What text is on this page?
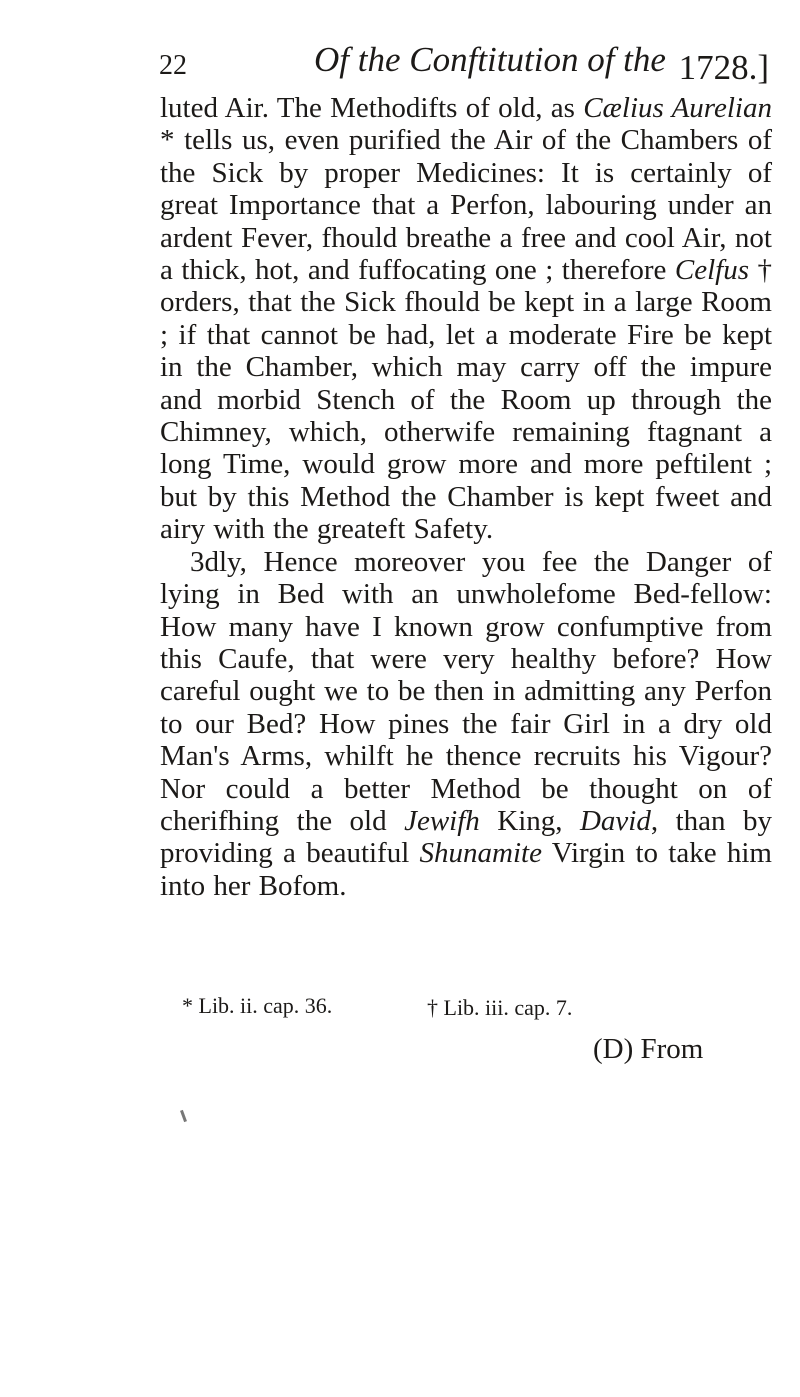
22	Of the Conftitution of the 1728.]

luted Air. The Methodifts of old, as Cælius Aurelian * tells us, even purified the Air of the Chambers of the Sick by proper Medicines: It is certainly of great Importance that a Perfon, labouring under an ardent Fever, fhould breathe a free and cool Air, not a thick, hot, and fuffocating one ; therefore Celfus † orders, that the Sick fhould be kept in a large Room ; if that cannot be had, let a moderate Fire be kept in the Chamber, which may carry off the impure and morbid Stench of the Room up through the Chimney, which, otherwife remaining ftagnant a long Time, would grow more and more peftilent ; but by this Method the Chamber is kept fweet and airy with the greateft Safety.

3dly, Hence moreover you fee the Danger of lying in Bed with an unwholefome Bed-fellow: How many have I known grow confumptive from this Caufe, that were very healthy before? How careful ought we to be then in admitting any Perfon to our Bed? How pines the fair Girl in a dry old Man's Arms, whilft he thence recruits his Vigour? Nor could a better Method be thought on of cherifhing the old Jewifh King, David, than by providing a beautiful Shunamite Virgin to take him into her Bofom.

* Lib. ii. cap. 36.	† Lib. iii. cap. 7.
(D) From
